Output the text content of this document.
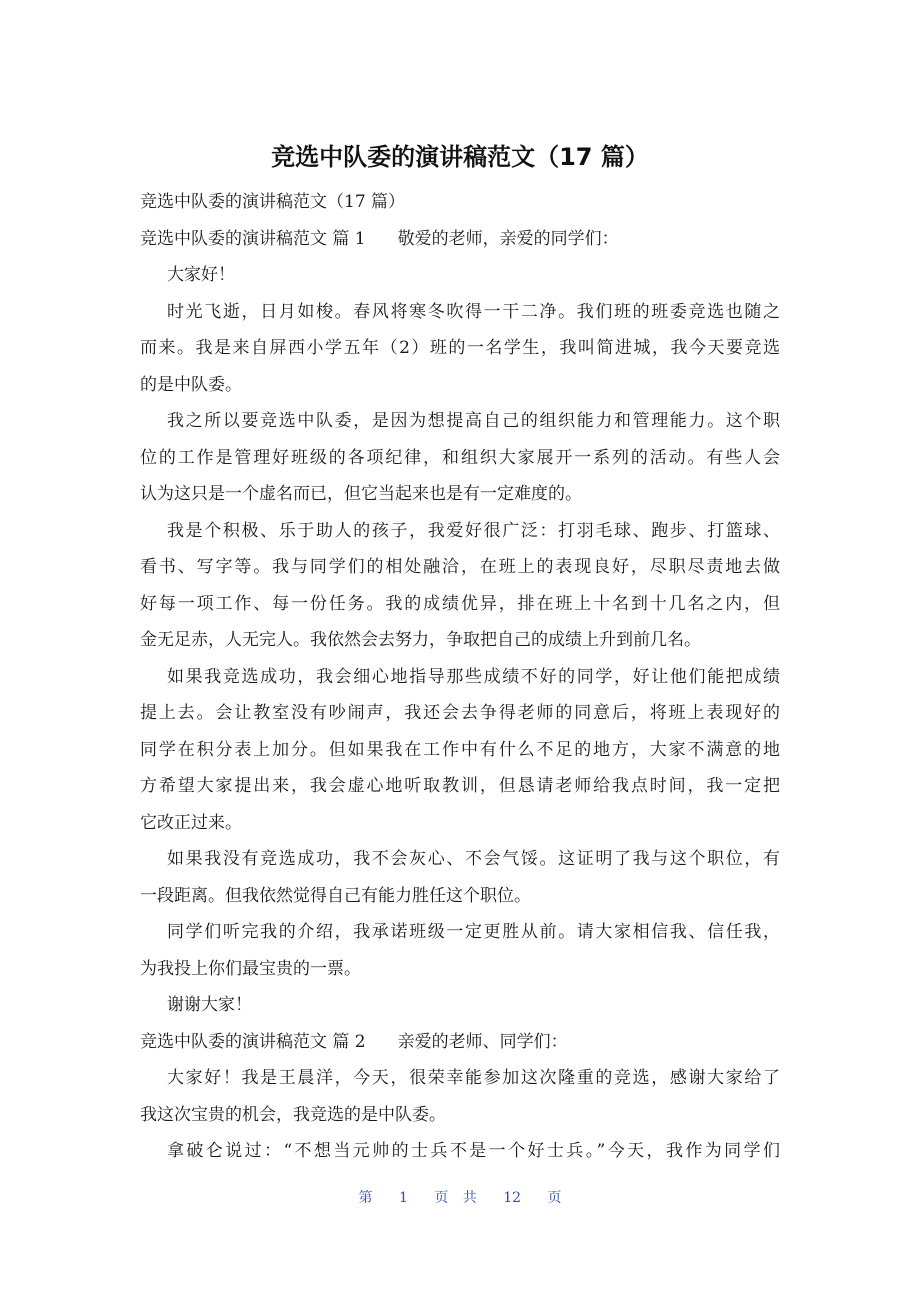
竞选中队委的演讲稿范文（17 篇）
竞选中队委的演讲稿范文（17 篇）
竞选中队委的演讲稿范文 篇 1 敬爱的老师，亲爱的同学们：
大家好！
时光飞逝，日月如梭。春风将寒冬吹得一干二净。我们班的班委竞选也随之
而来。我是来自屏西小学五年（2）班的一名学生，我叫简进城，我今天要竞选
的是中队委。
我之所以要竞选中队委，是因为想提高自己的组织能力和管理能力。这个职
位的工作是管理好班级的各项纪律，和组织大家展开一系列的活动。有些人会
认为这只是一个虚名而已，但它当起来也是有一定难度的。
我是个积极、乐于助人的孩子，我爱好很广泛：打羽毛球、跑步、打篮球、
看书、写字等。我与同学们的相处融洽，在班上的表现良好，尽职尽责地去做
好每一项工作、每一份任务。我的成绩优异，排在班上十名到十几名之内，但
金无足赤，人无完人。我依然会去努力，争取把自己的成绩上升到前几名。
如果我竞选成功，我会细心地指导那些成绩不好的同学，好让他们能把成绩
提上去。会让教室没有吵闹声，我还会去争得老师的同意后，将班上表现好的
同学在积分表上加分。但如果我在工作中有什么不足的地方，大家不满意的地
方希望大家提出来，我会虚心地听取教训，但恳请老师给我点时间，我一定把
它改正过来。
如果我没有竞选成功，我不会灰心、不会气馁。这证明了我与这个职位，有
一段距离。但我依然觉得自己有能力胜任这个职位。
同学们听完我的介绍，我承诺班级一定更胜从前。请大家相信我、信任我，
为我投上你们最宝贵的一票。
谢谢大家！
竞选中队委的演讲稿范文 篇 2 亲爱的老师、同学们：
大家好！我是王晨洋，今天，很荣幸能参加这次隆重的竞选，感谢大家给了
我这次宝贵的机会，我竞选的是中队委。
拿破仑说过：“不想当元帅的士兵不是一个好士兵。”今天，我作为同学们
第 1 页 共 12 页
